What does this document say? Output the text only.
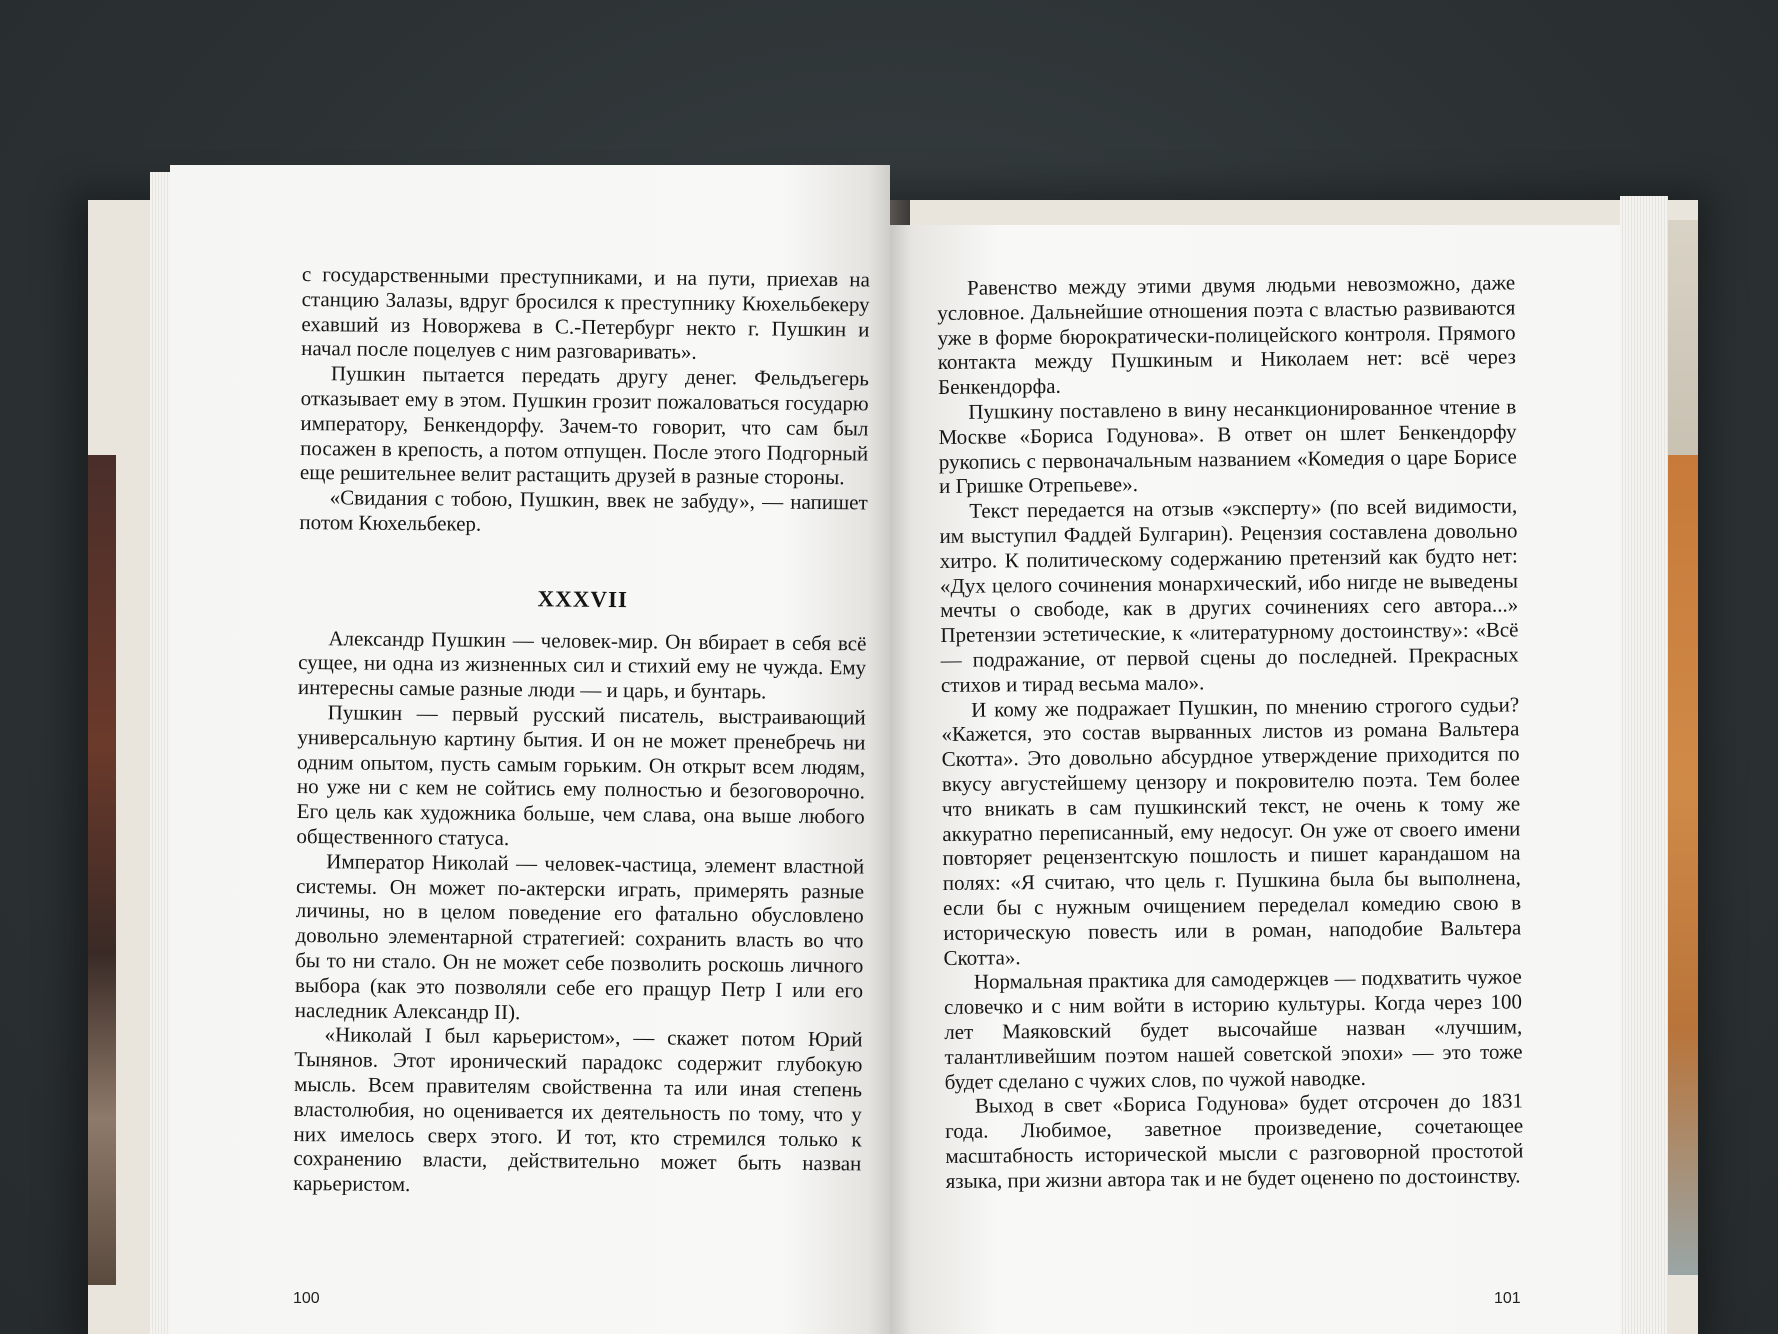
с государственными преступниками, и на пути, приехав на станцию Залазы, вдруг бросился к преступнику Кюхельбекеру ехавший из Новоржева в С.-Петербург некто г. Пушкин и начал после поцелуев с ним разговаривать».

Пушкин пытается передать другу денег. Фельдъегерь отказывает ему в этом. Пушкин грозит пожаловаться государю императору, Бенкендорфу. Зачем-то говорит, что сам был посажен в крепость, а потом отпущен. После этого Подгорный еще решительнее велит растащить друзей в разные стороны.

«Свидания с тобою, Пушкин, ввек не забуду», — напишет потом Кюхельбекер.

XXXVII

Александр Пушкин — человек-мир. Он вбирает в себя всё сущее, ни одна из жизненных сил и стихий ему не чужда. Ему интересны самые разные люди — и царь, и бунтарь.

Пушкин — первый русский писатель, выстраивающий универсальную картину бытия. И он не может пренебречь ни одним опытом, пусть самым горьким. Он открыт всем людям, но уже ни с кем не сойтись ему полностью и безоговорочно. Его цель как художника больше, чем слава, она выше любого общественного статуса.

Император Николай — человек-частица, элемент властной системы. Он может по-актерски играть, примерять разные личины, но в целом поведение его фатально обусловлено довольно элементарной стратегией: сохранить власть во что бы то ни стало. Он не может себе позволить роскошь личного выбора (как это позволяли себе его пращур Петр I или его наследник Александр II).

«Николай I был карьеристом», — скажет потом Юрий Тынянов. Этот иронический парадокс содержит глубокую мысль. Всем правителям свойственна та или иная степень властолюбия, но оценивается их деятельность по тому, что у них имелось сверх этого. И тот, кто стремился только к сохранению власти, действительно может быть назван карьеристом.

Равенство между этими двумя людьми невозможно, даже условное. Дальнейшие отношения поэта с властью развиваются уже в форме бюрократически-полицейского контроля. Прямого контакта между Пушкиным и Николаем нет: всё через Бенкендорфа.

Пушкину поставлено в вину несанкционированное чтение в Москве «Бориса Годунова». В ответ он шлет Бенкендорфу рукопись с первоначальным названием «Комедия о царе Борисе и Гришке Отрепьеве».

Текст передается на отзыв «эксперту» (по всей видимости, им выступил Фаддей Булгарин). Рецензия составлена довольно хитро. К политическому содержанию претензий как будто нет: «Дух целого сочинения монархический, ибо нигде не выведены мечты о свободе, как в других сочинениях сего автора...» Претензии эстетические, к «литературному достоинству»: «Всё — подражание, от первой сцены до последней. Прекрасных стихов и тирад весьма мало».

И кому же подражает Пушкин, по мнению строгого судьи? «Кажется, это состав вырванных листов из романа Вальтера Скотта». Это довольно абсурдное утверждение приходится по вкусу августейшему цензору и покровителю поэта. Тем более что вникать в сам пушкинский текст, не очень к тому же аккуратно переписанный, ему недосуг. Он уже от своего имени повторяет рецензентскую пошлость и пишет карандашом на полях: «Я считаю, что цель г. Пушкина была бы выполнена, если бы с нужным очищением переделал комедию свою в историческую повесть или в роман, наподобие Вальтера Скотта».

Нормальная практика для самодержцев — подхватить чужое словечко и с ним войти в историю культуры. Когда через 100 лет Маяковский будет высочайше назван «лучшим, талантливейшим поэтом нашей советской эпохи» — это тоже будет сделано с чужих слов, по чужой наводке.

Выход в свет «Бориса Годунова» будет отсрочен до 1831 года. Любимое, заветное произведение, сочетающее масштабность исторической мысли с разговорной простотой языка, при жизни автора так и не будет оценено по достоинству.

100	101
